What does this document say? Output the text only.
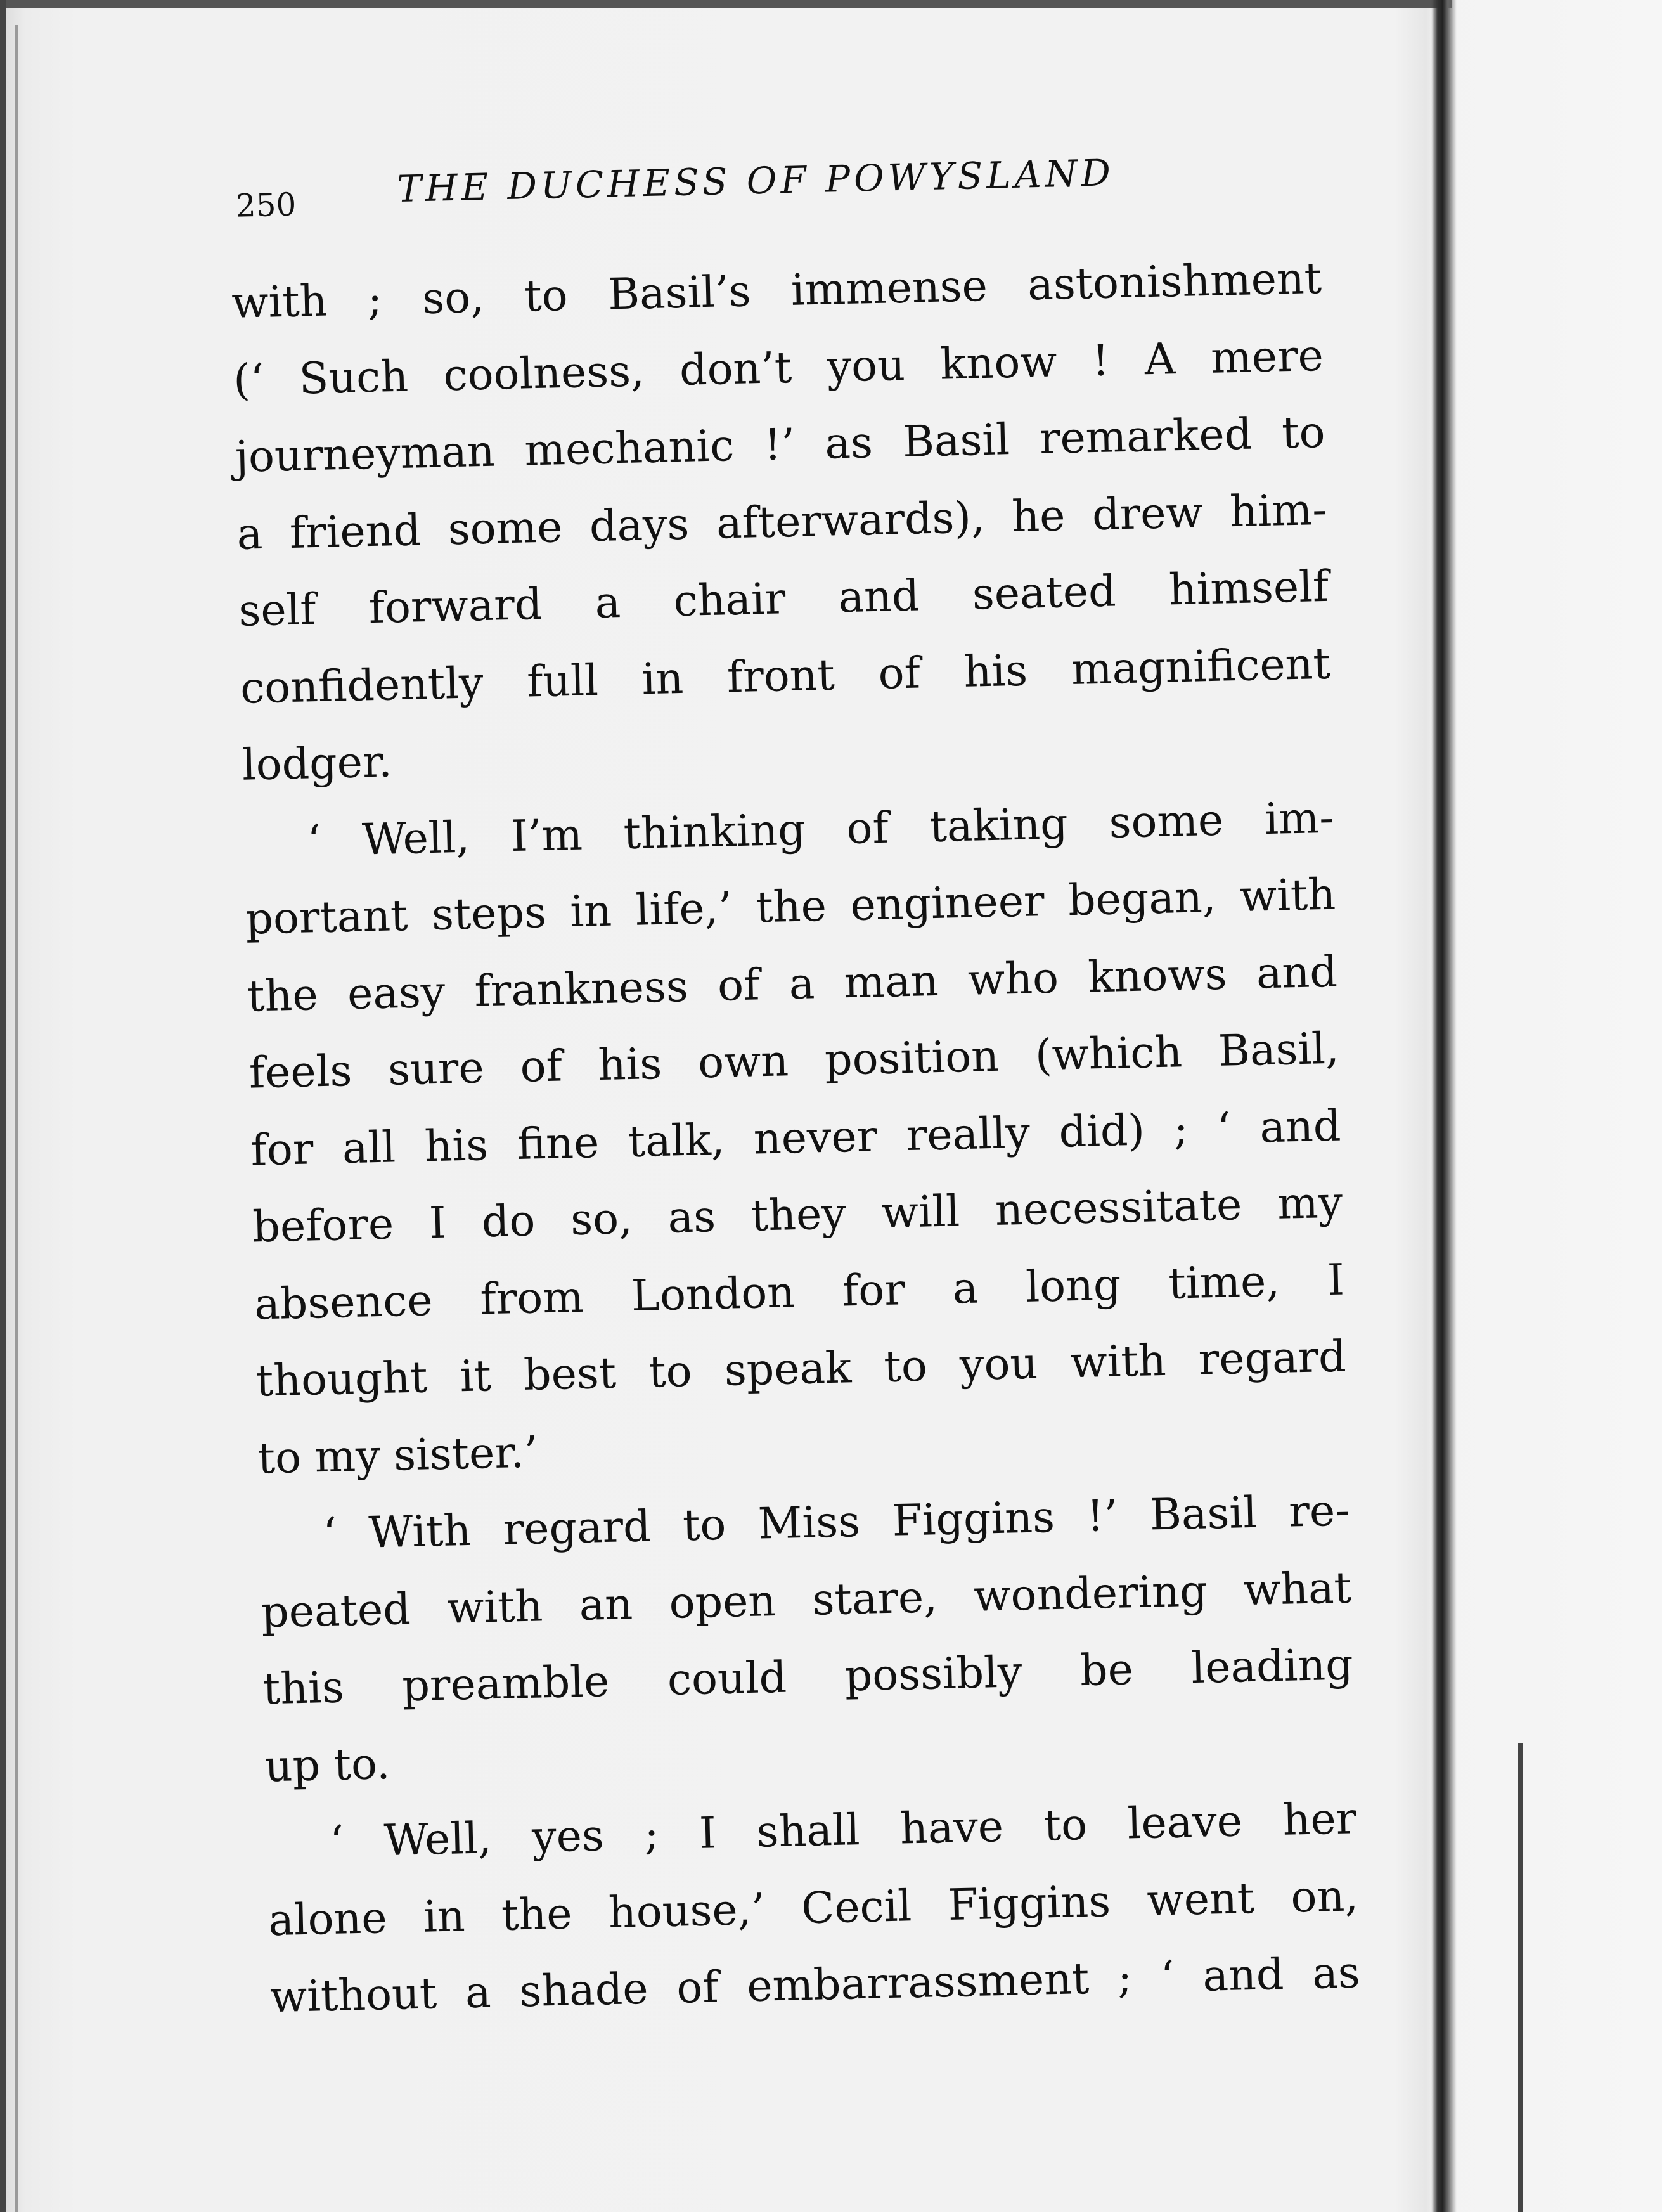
250	THE DUCHESS OF POWYSLAND
with ; so, to Basil’s immense astonishment
(‘ Such coolness, don’t you know ! A mere
journeyman mechanic !’ as Basil remarked to
a friend some days afterwards), he drew him-
self forward a chair and seated himself
confidently full in front of his magnificent
lodger.
‘ Well, I’m thinking of taking some im-
portant steps in life,’ the engineer began, with
the easy frankness of a man who knows and
feels sure of his own position (which Basil,
for all his fine talk, never really did) ; ‘ and
before I do so, as they will necessitate my
absence from London for a long time, I
thought it best to speak to you with regard
to my sister.’
‘ With regard to Miss Figgins !’ Basil re-
peated with an open stare, wondering what
this preamble could possibly be leading
up to.
‘ Well, yes ; I shall have to leave her
alone in the house,’ Cecil Figgins went on,
without a shade of embarrassment ; ‘ and as
